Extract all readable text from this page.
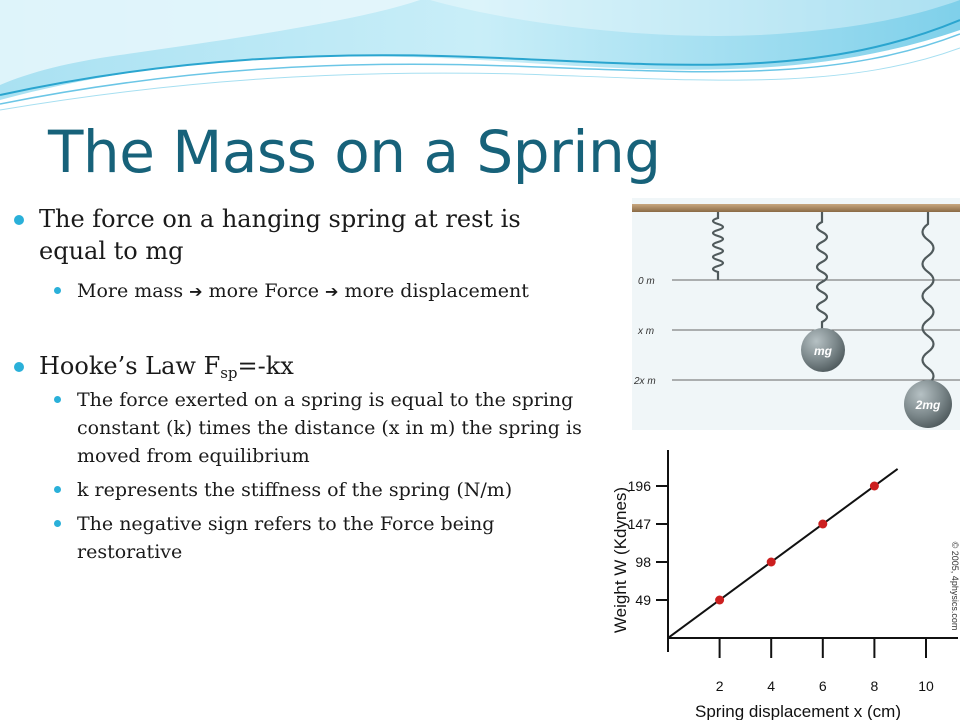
The Mass on a Spring
The force on a hanging spring at rest is equal to mg
More mass ➔ more Force ➔ more displacement
Hooke’s Law $F_{sp}=-kx$
The force exerted on a spring is equal to the spring constant (k) times the distance (x in m) the spring is moved from equilibrium
k represents the stiffness of the spring (N/m)
The negative sign refers to the Force being restorative
0 m
x m
2x m
mg
2mg
2	4	6	8	10
49
98
147
196
Spring displacement x (cm)
Weight W (Kdynes)	© 2005, 4physics.com
